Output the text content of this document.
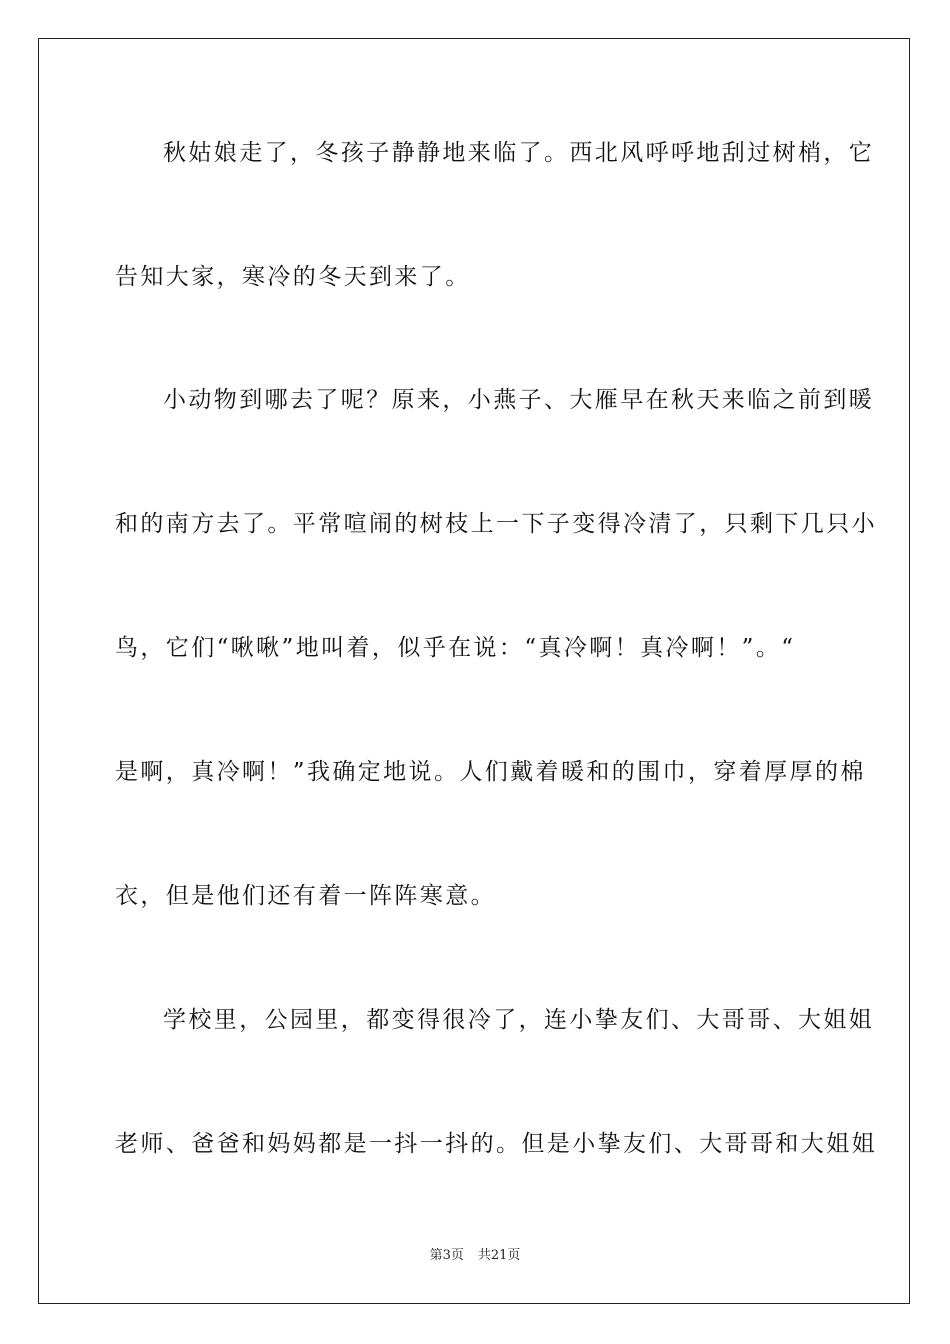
秋姑娘走了，冬孩子静静地来临了。西北风呼呼地刮过树梢，它
告知大家，寒冷的冬天到来了。
小动物到哪去了呢？原来，小燕子、大雁早在秋天来临之前到暖
和的南方去了。平常喧闹的树枝上一下子变得冷清了，只剩下几只小
鸟，它们“啾啾”地叫着，似乎在说：“真冷啊！真冷啊！”。“
是啊，真冷啊！”我确定地说。人们戴着暖和的围巾，穿着厚厚的棉
衣，但是他们还有着一阵阵寒意。
学校里，公园里，都变得很冷了，连小挚友们、大哥哥、大姐姐
老师、爸爸和妈妈都是一抖一抖的。但是小挚友们、大哥哥和大姐姐
第3页 共21页
